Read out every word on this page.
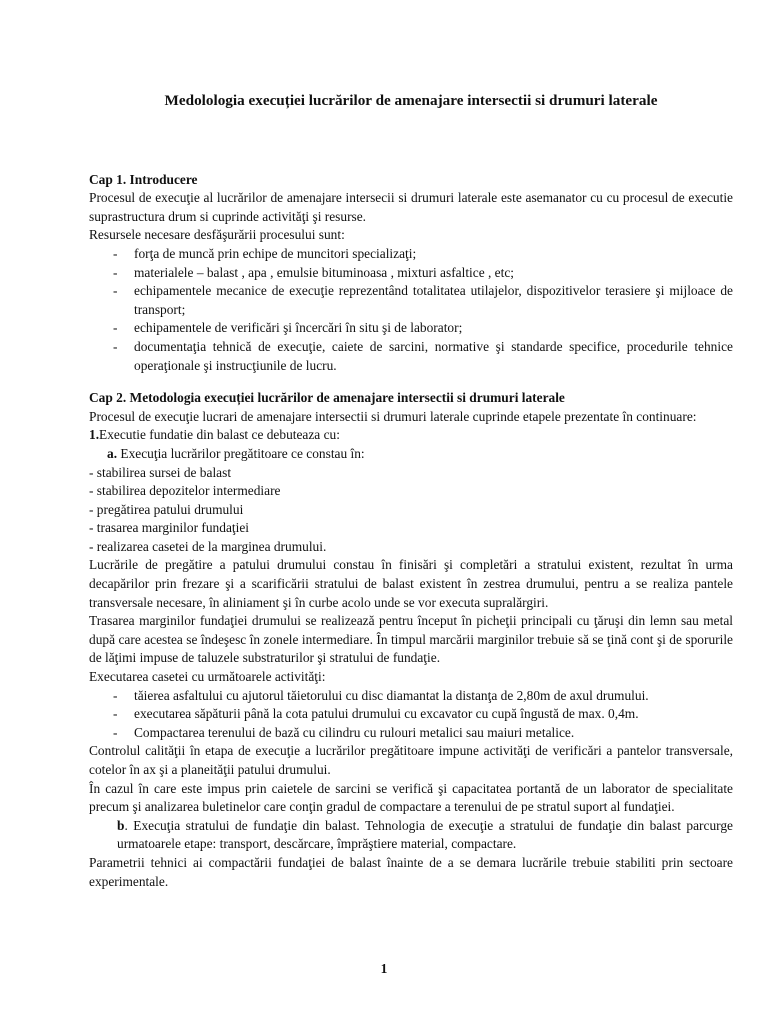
Medolologia execuției lucrărilor de amenajare intersectii si drumuri laterale
Cap 1. Introducere

Procesul de execuţie al lucrărilor de amenajare intersecii si drumuri laterale este asemanator cu cu procesul de executie suprastructura drum si cuprinde activităţi şi resurse.

Resursele necesare desfăşurării procesului sunt:
- forţa de muncă prin echipe de muncitori specializaţi;
- materialele – balast , apa , emulsie bituminoasa , mixturi asfaltice , etc;
- echipamentele mecanice de execuţie reprezentând totalitatea utilajelor, dispozitivelor terasiere şi mijloace de transport;
- echipamentele de verificări şi încercări în situ şi de laborator;
- documentaţia tehnică de execuţie, caiete de sarcini, normative şi standarde specifice, procedurile tehnice operaţionale şi instrucţiunile de lucru.
Cap 2. Metodologia execuției lucrărilor de amenajare intersectii si drumuri laterale

Procesul de execuţie lucrari de amenajare intersectii si drumuri laterale cuprinde etapele prezentate în continuare:

1.Executie fundatie din balast ce debuteaza cu:
a. Execuţia lucrărilor pregătitoare ce constau în:
- stabilirea sursei de balast
- stabilirea depozitelor intermediare
- pregătirea patului drumului
- trasarea marginilor fundaţiei
- realizarea casetei de la marginea drumului.

Lucrările de pregătire a patului drumului constau în finisări şi completări a stratului existent, rezultat în urma decapărilor prin frezare şi a scarificării stratului de balast existent în zestrea drumului, pentru a se realiza pantele transversale necesare, în aliniament şi în curbe acolo unde se vor executa supralărgiri.

Trasarea marginilor fundaţiei drumului se realizează pentru început în pichеţii principali cu ţăruşi din lemn sau metal după care acestea se îndeşesc în zonele intermediare. În timpul marcării marginilor trebuie să se ţină cont şi de sporurile de lăţimi impuse de taluzele substraturilor şi stratului de fundaţie.

Executarea casetei cu următoarele activităţi:
- tăierea asfaltului cu ajutorul tăietorului cu disc diamantat la distanţa de 2,80m de axul drumului.
- executarea săpăturii până la cota patului drumului cu excavator cu cupă îngustă de max. 0,4m.
- Compactarea terenului de bază cu cilindru cu rulouri metalici sau maiuri metalice.

Controlul calităţii în etapa de execuţie a lucrărilor pregătitoare impune activităţi de verificări a pantelor transversale, cotelor în ax şi a planeităţii patului drumului.

În cazul în care este impus prin caietele de sarcini se verifică şi capacitatea portantă de un laborator de specialitate precum şi analizarea buletinelor care conţin gradul de compactare a terenului de pe stratul suport al fundaţiei.

b. Execuţia stratului de fundaţie din balast. Tehnologia de execuţie a stratului de fundaţie din balast parcurge urmatoarele etape: transport, descărcare, împrăştiere material, compactare.

Parametrii tehnici ai compactării fundaţiei de balast înainte de a se demara lucrările trebuie stabiliti prin sectoare experimentale.

1
